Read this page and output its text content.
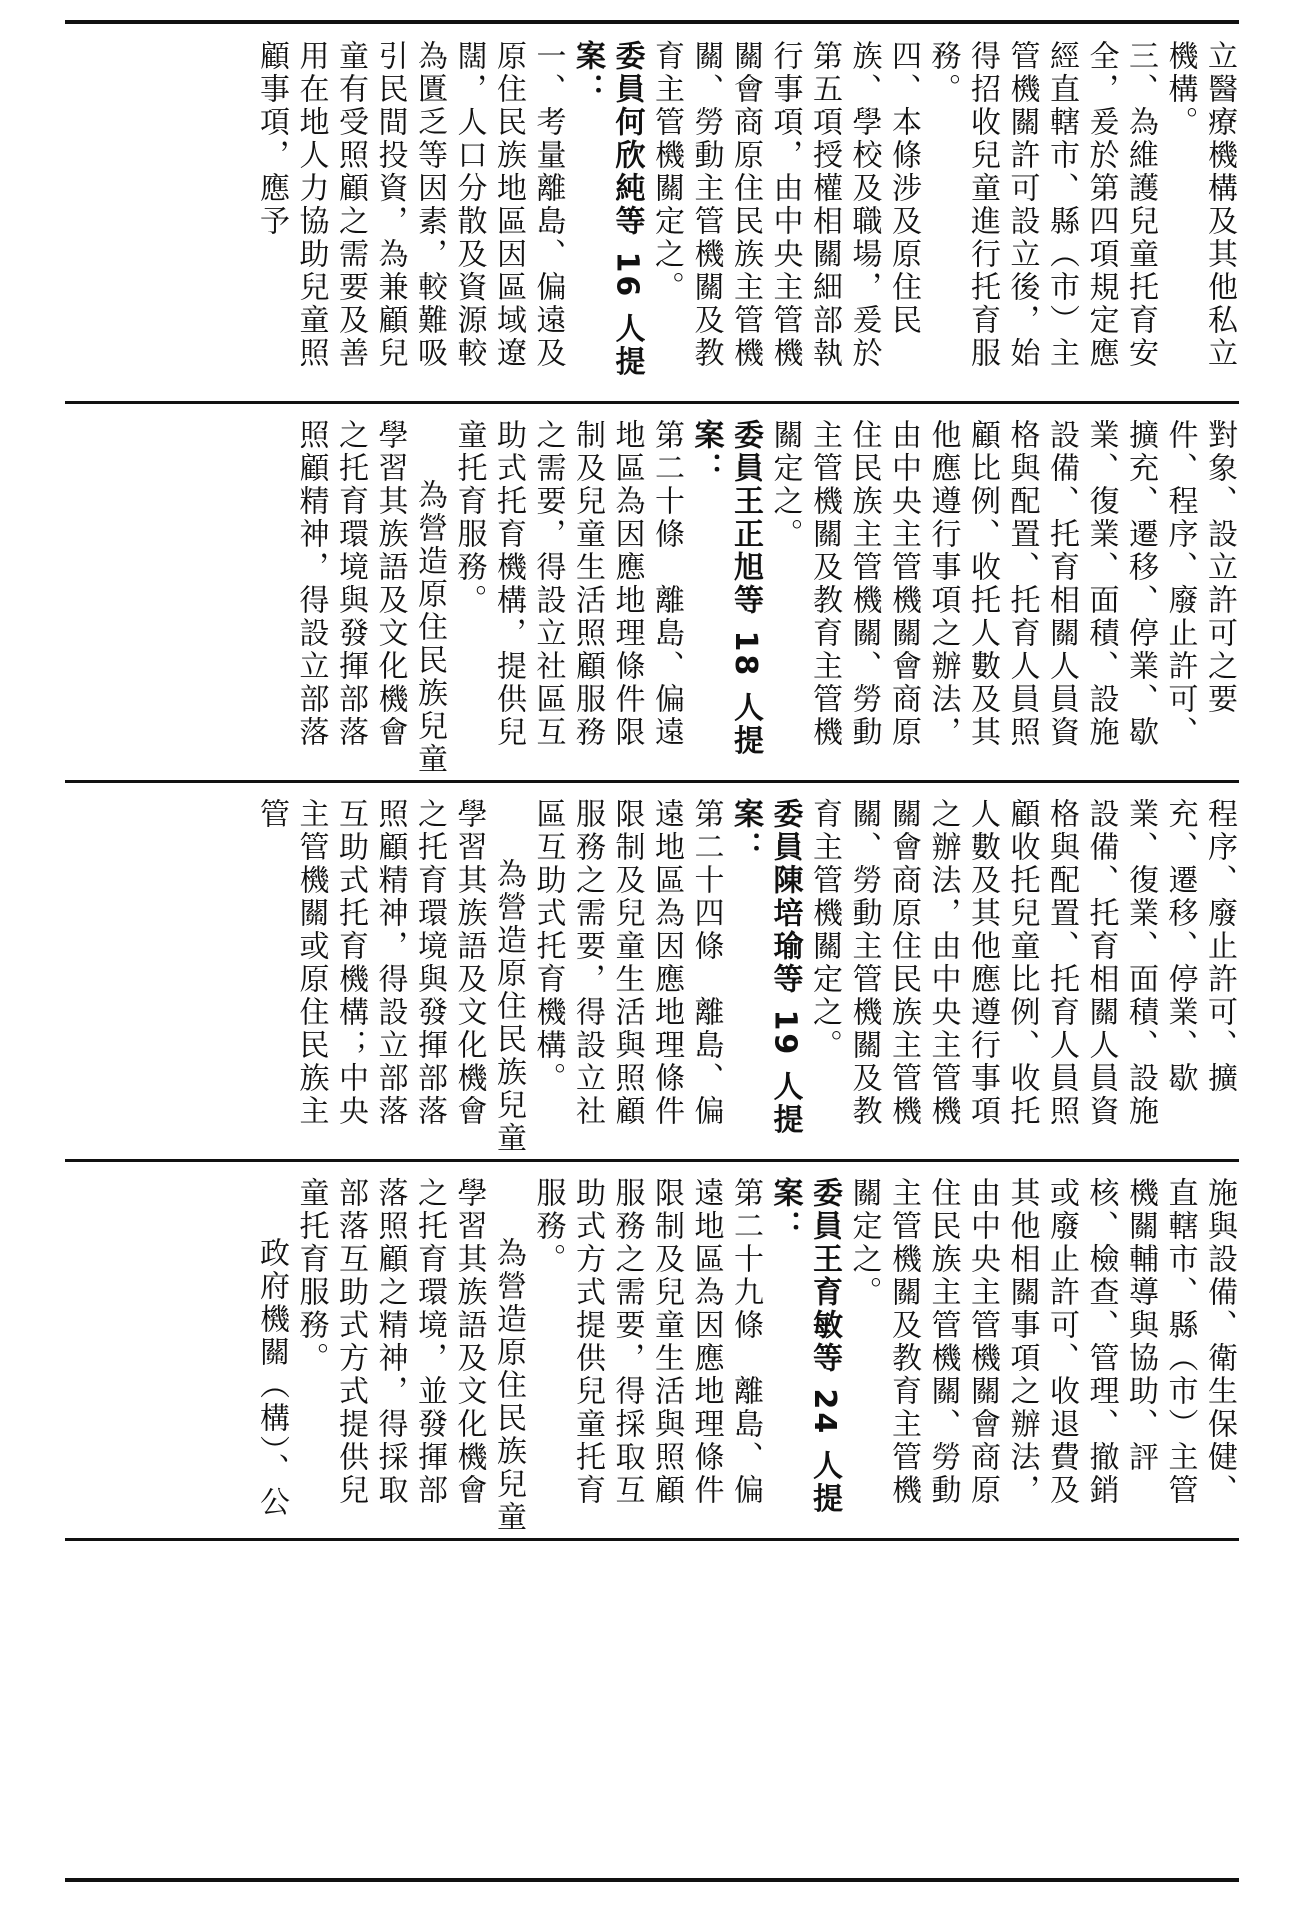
立醫療機構及其他私立機構。
三、為維護兒童托育安全，爰於第四項規定應經直轄市、縣（市）主管機關許可設立後，始得招收兒童進行托育服務。
四、本條涉及原住民族、學校及職場，爰於第五項授權相關細部執行事項，由中央主管機關會商原住民族主管機關、勞動主管機關及教育主管機關定之。
委員何欣純等 16 人提案：
一、考量離島、偏遠及原住民族地區因區域遼闊，人口分散及資源較為匱乏等因素，較難吸引民間投資，為兼顧兒童有受照顧之需要及善用在地人力協助兒童照顧事項，應予
對象、設立許可之要件、程序、廢止許可、擴充、遷移、停業、歇業、復業、面積、設施設備、托育相關人員資格與配置、托育人員照顧比例、收托人數及其他應遵行事項之辦法，由中央主管機關會商原住民族主管機關、勞動主管機關及教育主管機關定之。
委員王正旭等 18 人提案：
第二十條　離島、偏遠地區為因應地理條件限制及兒童生活照顧服務之需要，得設立社區互助式托育機構，提供兒童托育服務。
為營造原住民族兒童學習其族語及文化機會之托育環境與發揮部落照顧精神，得設立部落
程序、廢止許可、擴充、遷移、停業、歇業、復業、面積、設施設備、托育相關人員資格與配置、托育人員照顧收托兒童比例、收托人數及其他應遵行事項之辦法，由中央主管機關會商原住民族主管機關、勞動主管機關及教育主管機關定之。
委員陳培瑜等 19 人提案：
第二十四條　離島、偏遠地區為因應地理條件限制及兒童生活與照顧服務之需要，得設立社區互助式托育機構。
為營造原住民族兒童學習其族語及文化機會之托育環境與發揮部落照顧精神，得設立部落互助式托育機構；中央主管機關或原住民族主管
施與設備、衛生保健、直轄市、縣（市）主管機關輔導與協助、評核、檢查、管理、撤銷或廢止許可、收退費及其他相關事項之辦法，由中央主管機關會商原住民族主管機關、勞動主管機關及教育主管機關定之。
委員王育敏等 24 人提案：
第二十九條　離島、偏遠地區為因應地理條件限制及兒童生活與照顧服務之需要，得採取互助式方式提供兒童托育服務。
為營造原住民族兒童學習其族語及文化機會之托育環境，並發揮部落照顧之精神，得採取部落互助式方式提供兒童托育服務。
政府機關（構）、公
